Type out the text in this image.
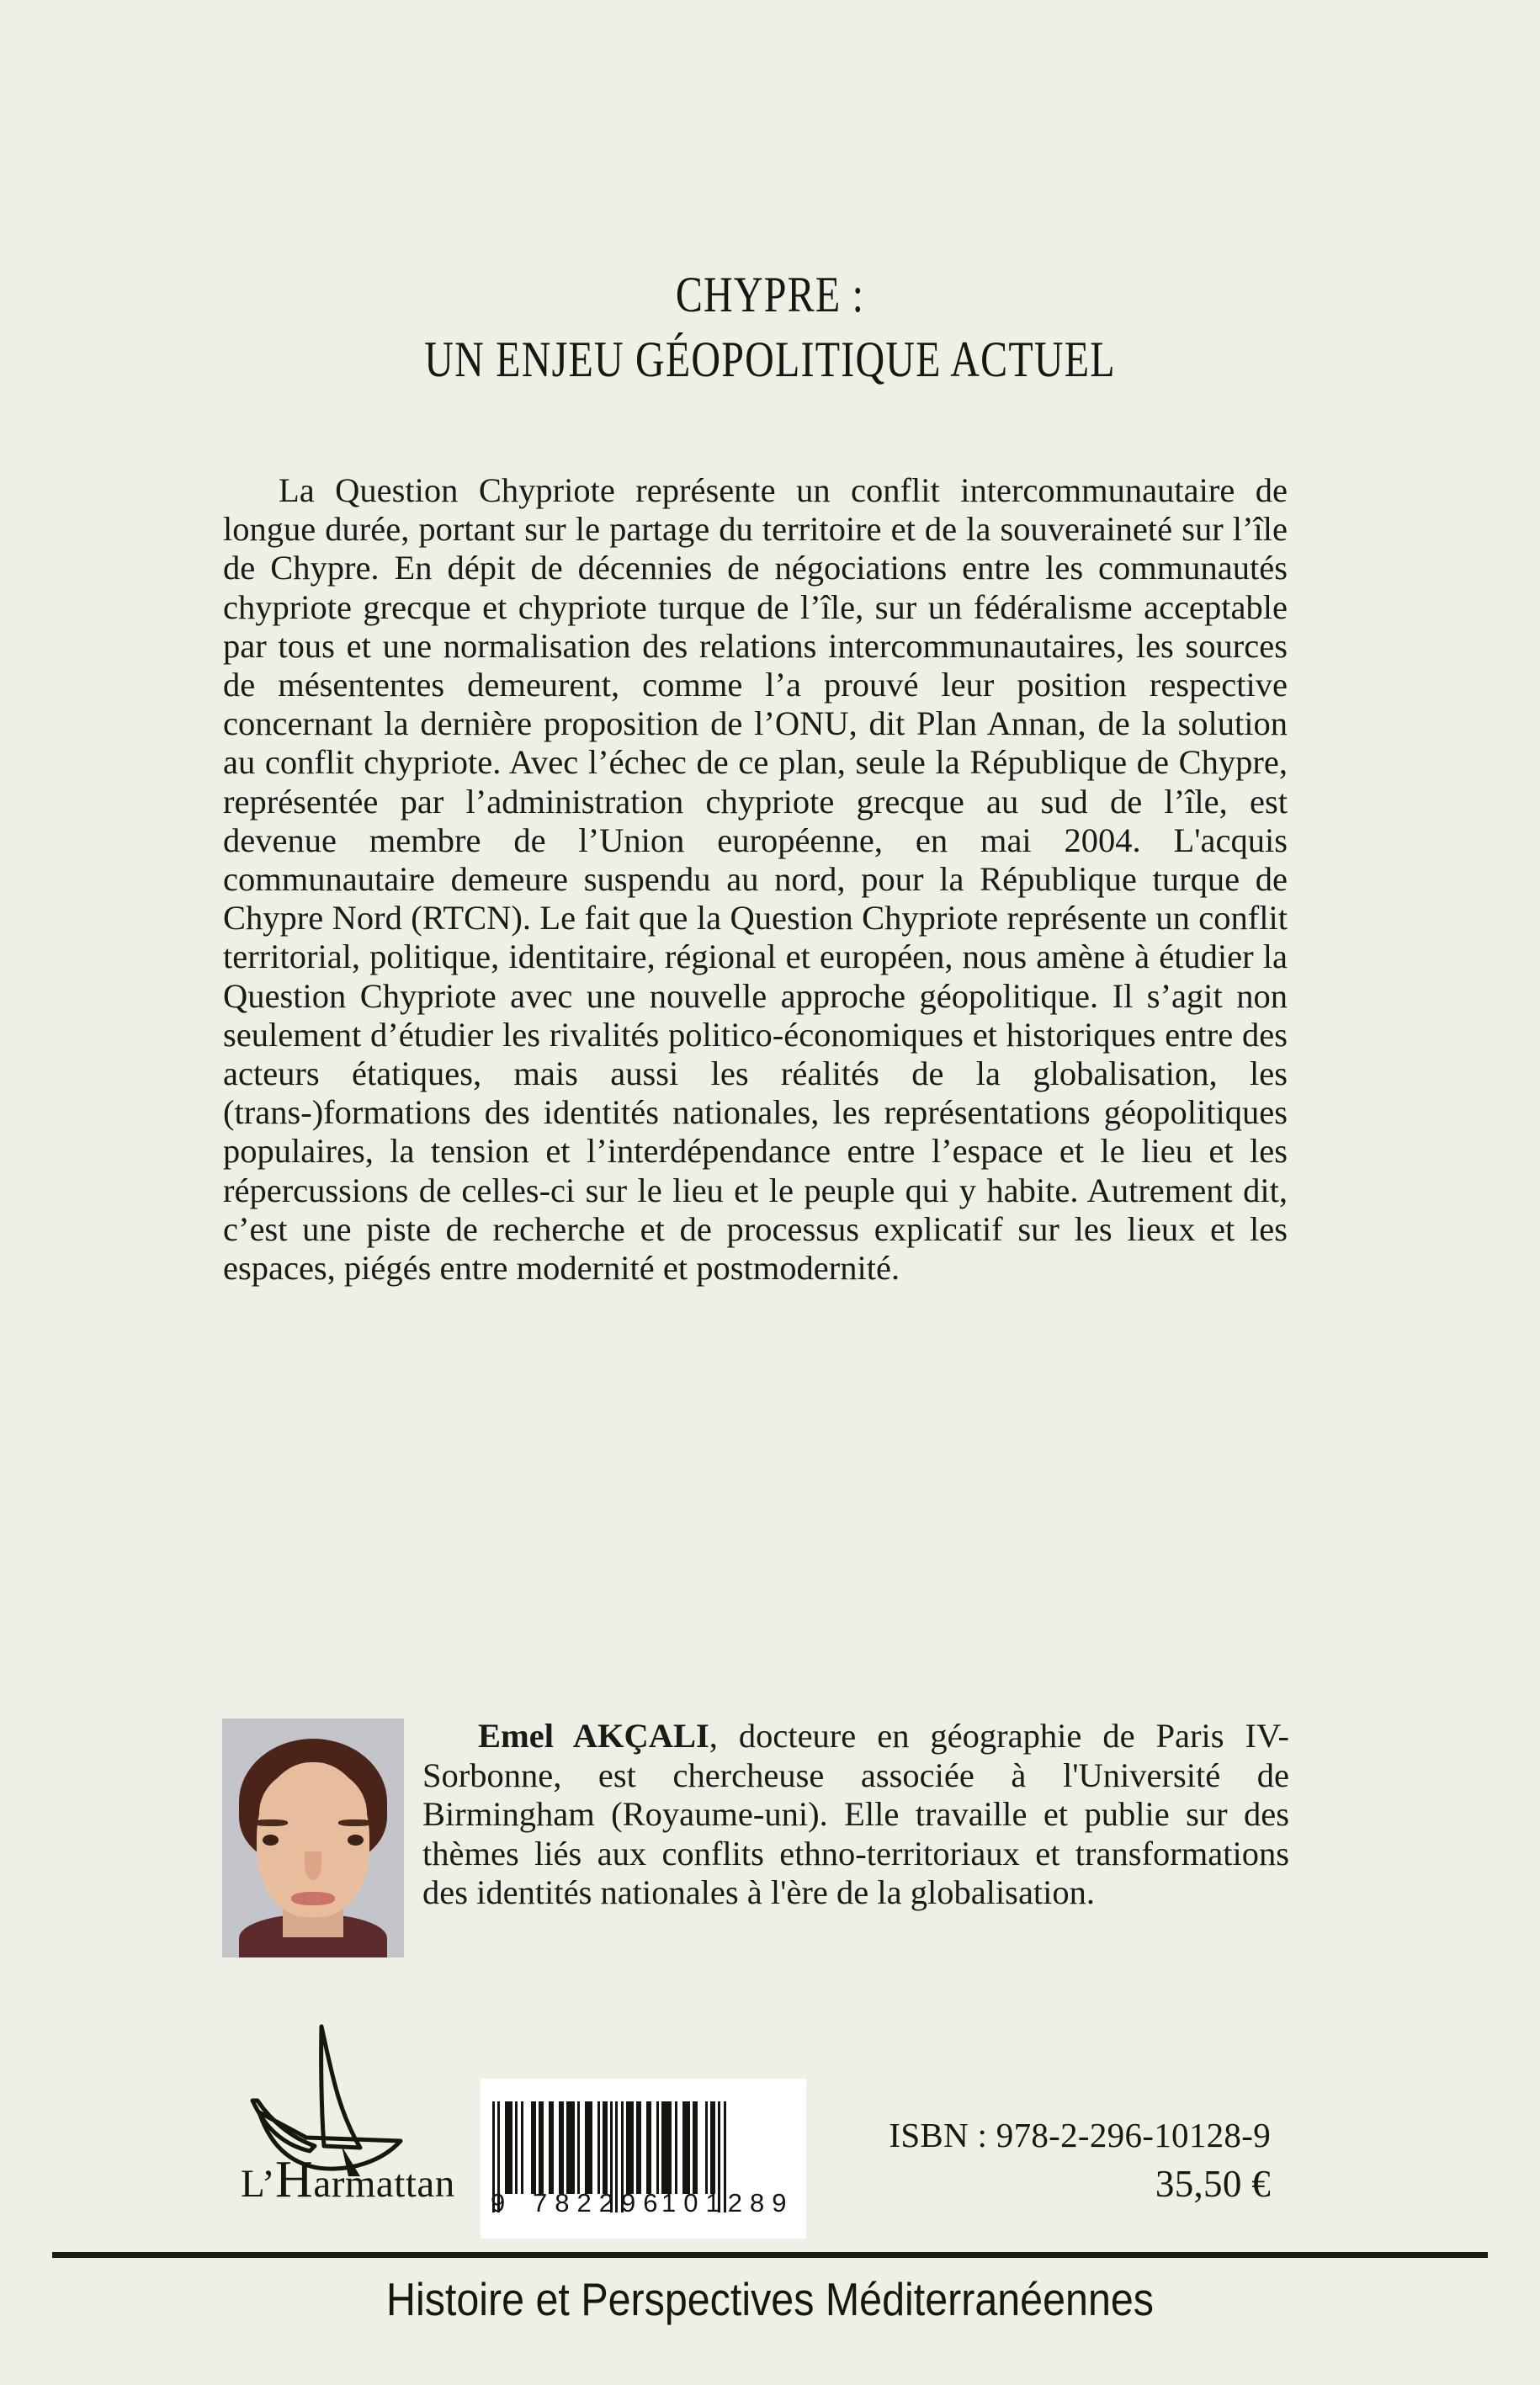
CHYPRE :
UN ENJEU GÉOPOLITIQUE ACTUEL
La Question Chypriote représente un conflit intercommunautaire de longue durée, portant sur le partage du territoire et de la souveraineté sur l’île de Chypre. En dépit de décennies de négociations entre les communautés chypriote grecque et chypriote turque de l’île, sur un fédéralisme acceptable par tous et une normalisation des relations intercommunautaires, les sources de mésententes demeurent, comme l’a prouvé leur position respective concernant la dernière proposition de l’ONU, dit Plan Annan, de la solution au conflit chypriote. Avec l’échec de ce plan, seule la République de Chypre, représentée par l’administration chypriote grecque au sud de l’île, est devenue membre de l’Union européenne, en mai 2004. L'acquis communautaire demeure suspendu au nord, pour la République turque de Chypre Nord (RTCN). Le fait que la Question Chypriote représente un conflit territorial, politique, identitaire, régional et européen, nous amène à étudier la Question Chypriote avec une nouvelle approche géopolitique. Il s’agit non seulement d’étudier les rivalités politico-économiques et historiques entre des acteurs étatiques, mais aussi les réalités de la globalisation, les (trans-)formations des identités nationales, les représentations géopolitiques populaires, la tension et l’interdépendance entre l’espace et le lieu et les répercussions de celles-ci sur le lieu et le peuple qui y habite. Autrement dit, c’est une piste de recherche et de processus explicatif sur les lieux et les espaces, piégés entre modernité et postmodernité.
Emel AKÇALI, docteure en géographie de Paris IV-Sorbonne, est chercheuse associée à l'Université de Birmingham (Royaume-uni). Elle travaille et publie sur des thèmes liés aux conflits ethno-territoriaux et transformations des identités nationales à l'ère de la globalisation.
L’Harmattan 9 782296
101289
ISBN : 978-2-296-10128-9
35,50 €
Histoire et Perspectives Méditerranéennes
